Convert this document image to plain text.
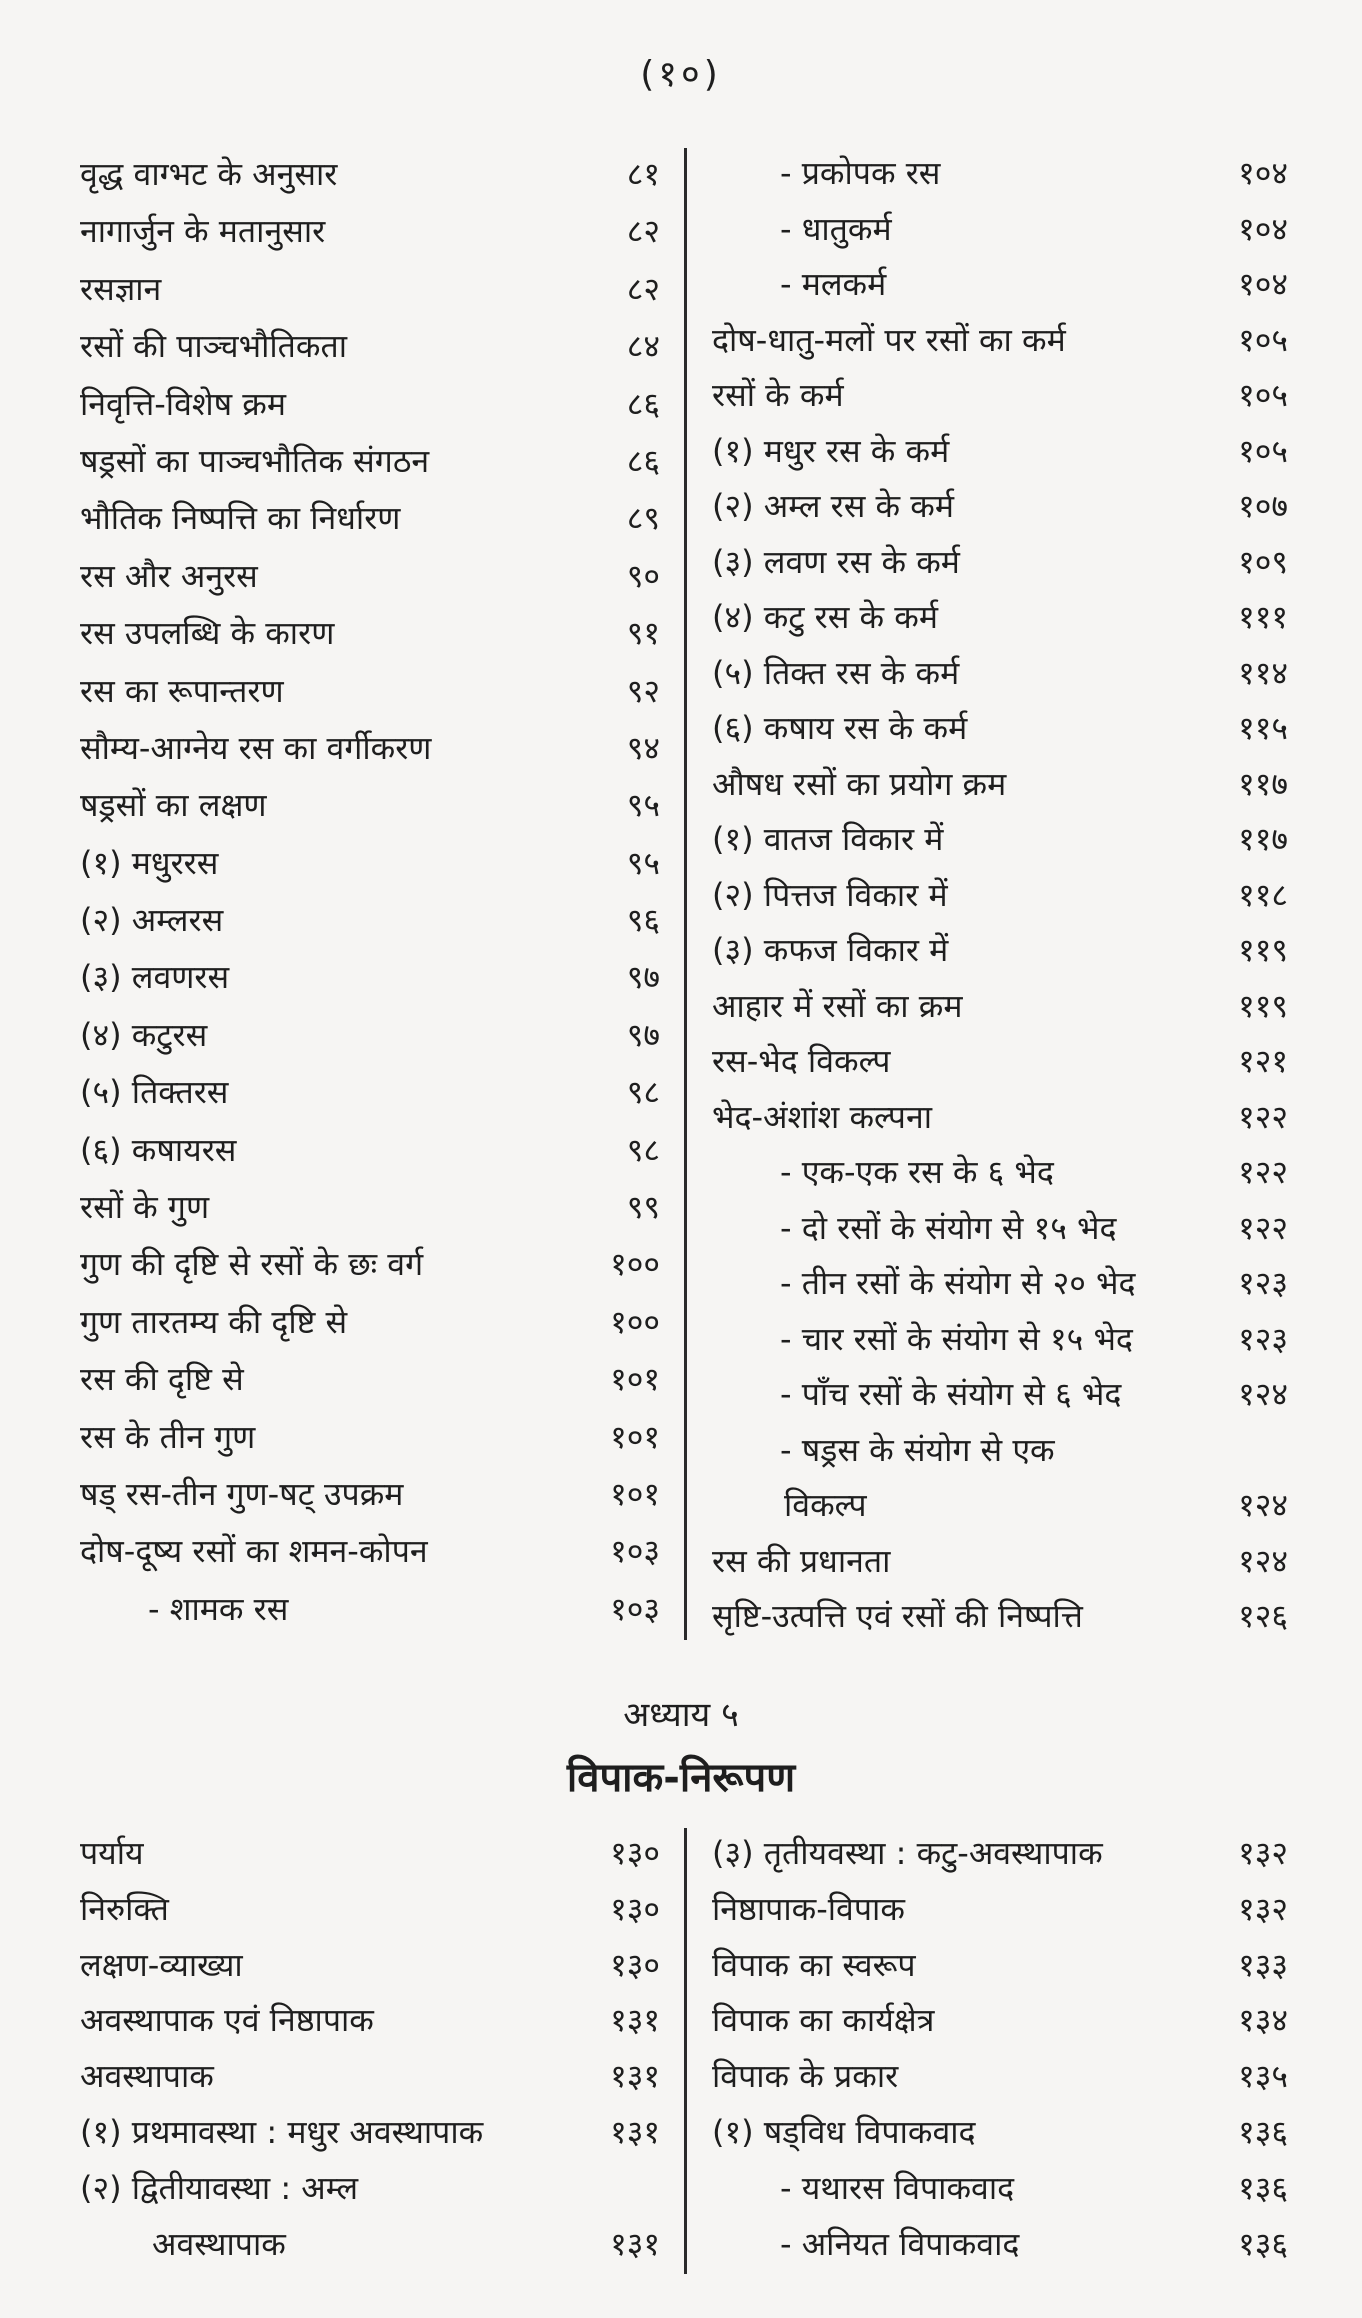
(१०)
वृद्ध वाग्भट के अनुसार	८१
नागार्जुन के मतानुसार	८२
रसज्ञान	८२
रसों की पाञ्चभौतिकता	८४
निवृत्ति-विशेष क्रम	८६
षड्रसों का पाञ्चभौतिक संगठन	८६
भौतिक निष्पत्ति का निर्धारण	८९
रस और अनुरस	९०
रस उपलब्धि के कारण	९१
रस का रूपान्तरण	९२
सौम्य-आग्नेय रस का वर्गीकरण	९४
षड्रसों का लक्षण	९५
(१) मधुररस	९५
(२) अम्लरस	९६
(३) लवणरस	९७
(४) कटुरस	९७
(५) तिक्तरस	९८
(६) कषायरस	९८
रसों के गुण	९९
गुण की दृष्टि से रसों के छः वर्ग	१००
गुण तारतम्य की दृष्टि से	१००
रस की दृष्टि से	१०१
रस के तीन गुण	१०१
षड् रस-तीन गुण-षट् उपक्रम	१०१
दोष-दूष्य रसों का शमन-कोपन	१०३
- शामक रस	१०३
- प्रकोपक रस	१०४
- धातुकर्म	१०४
- मलकर्म	१०४
दोष-धातु-मलों पर रसों का कर्म	१०५
रसों के कर्म	१०५
(१) मधुर रस के कर्म	१०५
(२) अम्ल रस के कर्म	१०७
(३) लवण रस के कर्म	१०९
(४) कटु रस के कर्म	१११
(५) तिक्त रस के कर्म	११४
(६) कषाय रस के कर्म	११५
औषध रसों का प्रयोग क्रम	११७
(१) वातज विकार में	११७
(२) पित्तज विकार में	११८
(३) कफज विकार में	११९
आहार में रसों का क्रम	११९
रस-भेद विकल्प	१२१
भेद-अंशांश कल्पना	१२२
- एक-एक रस के ६ भेद	१२२
- दो रसों के संयोग से १५ भेद	१२२
- तीन रसों के संयोग से २० भेद	१२३
- चार रसों के संयोग से १५ भेद	१२३
- पाँच रसों के संयोग से ६ भेद	१२४
- षड्रस के संयोग से एक
विकल्प	१२४
रस की प्रधानता	१२४
सृष्टि-उत्पत्ति एवं रसों की निष्पत्ति	१२६
अध्याय ५
विपाक-निरूपण
पर्याय	१३०
निरुक्ति	१३०
लक्षण-व्याख्या	१३०
अवस्थापाक एवं निष्ठापाक	१३१
अवस्थापाक	१३१
(१) प्रथमावस्था : मधुर अवस्थापाक	१३१
(२) द्वितीयावस्था : अम्ल
अवस्थापाक	१३१
(३) तृतीयवस्था : कटु-अवस्थापाक	१३२
निष्ठापाक-विपाक	१३२
विपाक का स्वरूप	१३३
विपाक का कार्यक्षेत्र	१३४
विपाक के प्रकार	१३५
(१) षड्विध विपाकवाद	१३६
- यथारस विपाकवाद	१३६
- अनियत विपाकवाद	१३६
